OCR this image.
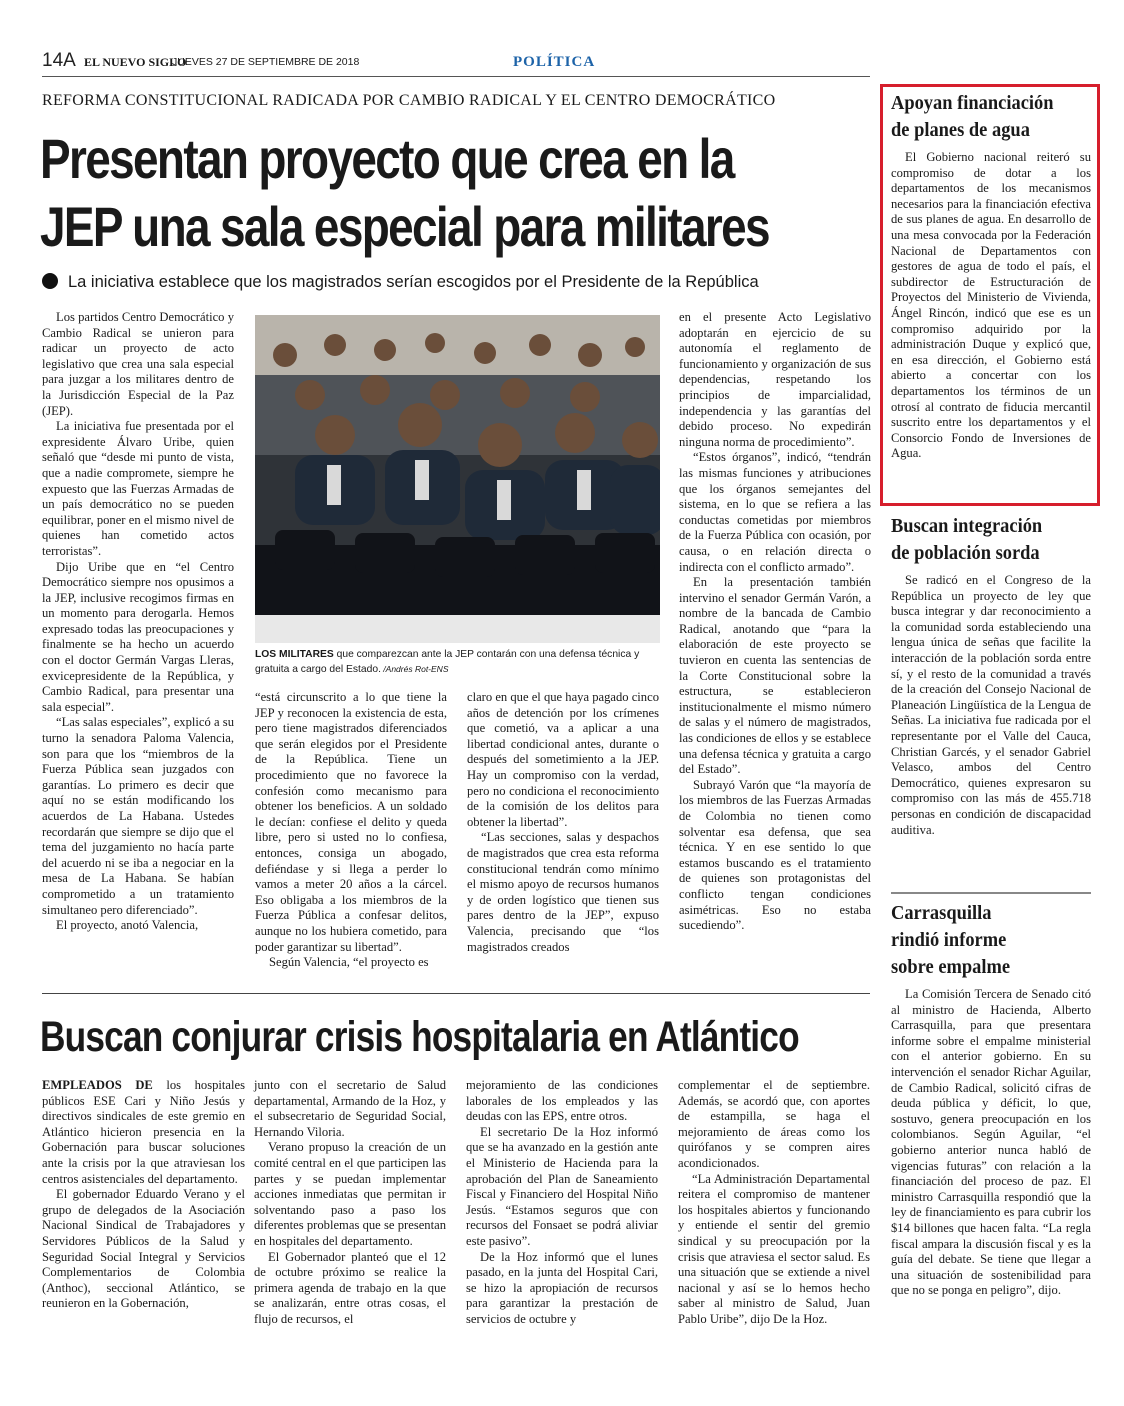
14A EL NUEVO SIGLO
JUEVES 27 DE SEPTIEMBRE DE 2018	POLÍTICA
REFORMA CONSTITUCIONAL RADICADA POR CAMBIO RADICAL Y EL CENTRO DEMOCRÁTICO
Presentan proyecto que crea en la
JEP una sala especial para militares
La iniciativa establece que los magistrados serían escogidos por el Presidente de la República

Los partidos Centro Democrático y Cambio Radical se unieron para radicar un proyecto de acto legislativo que crea una sala especial para juzgar a los militares dentro de la Jurisdicción Especial de la Paz (JEP).

La iniciativa fue presentada por el expresidente Álvaro Uribe, quien señaló que “desde mi punto de vista, que a nadie compromete, siempre he expuesto que las Fuerzas Armadas de un país democrático no se pueden equilibrar, poner en el mismo nivel de quienes han cometido actos terroristas”.

Dijo Uribe que en “el Centro Democrático siempre nos opusimos a la JEP, inclusive recogimos firmas en un momento para derogarla. Hemos expresado todas las preocupaciones y finalmente se ha hecho un acuerdo con el doctor Germán Vargas Lleras, exvicepresidente de la República, y Cambio Radical, para presentar una sala especial”.

“Las salas especiales”, explicó a su turno la senadora Paloma Valencia, son para que los “miembros de la Fuerza Pública sean juzgados con garantías. Lo primero es decir que aquí no se están modificando los acuerdos de La Habana. Ustedes recordarán que siempre se dijo que el tema del juzgamiento no hacía parte del acuerdo ni se iba a negociar en la mesa de La Habana. Se habían comprometido a un tratamiento simultaneo pero diferenciado”.

El proyecto, anotó Valencia,

LOS MILITARES que comparezcan ante la JEP contarán con una defensa técnica y gratuita a cargo del Estado. /Andrés Rot-ENS

“está circunscrito a lo que tiene la JEP y reconocen la existencia de esta, pero tiene magistrados diferenciados que serán elegidos por el Presidente de la República. Tiene un procedimiento que no favorece la confesión como mecanismo para obtener los beneficios. A un soldado le decían: confiese el delito y queda libre, pero si usted no lo confiesa, entonces, consiga un abogado, defiéndase y si llega a perder lo vamos a meter 20 años a la cárcel. Eso obligaba a los miembros de la Fuerza Pública a confesar delitos, aunque no los hubiera cometido, para poder garantizar su libertad”.

Según Valencia, “el proyecto es

claro en que el que haya pagado cinco años de detención por los crímenes que cometió, va a aplicar a una libertad condicional antes, durante o después del sometimiento a la JEP. Hay un compromiso con la verdad, pero no condiciona el reconocimiento de la comisión de los delitos para obtener la libertad”.

“Las secciones, salas y despachos de magistrados que crea esta reforma constitucional tendrán como mínimo el mismo apoyo de recursos humanos y de orden logístico que tienen sus pares dentro de la JEP”, expuso Valencia, precisando que “los magistrados creados

en el presente Acto Legislativo adoptarán en ejercicio de su autonomía el reglamento de funcionamiento y organización de sus dependencias, respetando los principios de imparcialidad, independencia y las garantías del debido proceso. No expedirán ninguna norma de procedimiento”.

“Estos órganos”, indicó, “tendrán las mismas funciones y atribuciones que los órganos semejantes del sistema, en lo que se refiera a las conductas cometidas por miembros de la Fuerza Pública con ocasión, por causa, o en relación directa o indirecta con el conflicto armado”.

En la presentación también intervino el senador Germán Varón, a nombre de la bancada de Cambio Radical, anotando que “para la elaboración de este proyecto se tuvieron en cuenta las sentencias de la Corte Constitucional sobre la estructura, se establecieron institucionalmente el mismo número de salas y el número de magistrados, las condiciones de ellos y se establece una defensa técnica y gratuita a cargo del Estado”.

Subrayó Varón que “la mayoría de los miembros de las Fuerzas Armadas de Colombia no tienen como solventar esa defensa, que sea técnica. Y en ese sentido lo que estamos buscando es el tratamiento de quienes son protagonistas del conflicto tengan condiciones asimétricas. Eso no estaba sucediendo”.

Buscan conjurar crisis hospitalaria en Atlántico

EMPLEADOS DE los hospitales públicos ESE Cari y Niño Jesús y directivos sindicales de este gremio en Atlántico hicieron presencia en la Gobernación para buscar soluciones ante la crisis por la que atraviesan los centros asistenciales del departamento.

El gobernador Eduardo Verano y el grupo de delegados de la Asociación Nacional Sindical de Trabajadores y Servidores Públicos de la Salud y Seguridad Social Integral y Servicios Complementarios de Colombia (Anthoc), seccional Atlántico, se reunieron en la Gobernación,

junto con el secretario de Salud departamental, Armando de la Hoz, y el subsecretario de Seguridad Social, Hernando Viloria.

Verano propuso la creación de un comité central en el que participen las partes y se puedan implementar acciones inmediatas que permitan ir solventando paso a paso los diferentes problemas que se presentan en hospitales del departamento.

El Gobernador planteó que el 12 de octubre próximo se realice la primera agenda de trabajo en la que se analizarán, entre otras cosas, el flujo de recursos, el

mejoramiento de las condiciones laborales de los empleados y las deudas con las EPS, entre otros.

El secretario De la Hoz informó que se ha avanzado en la gestión ante el Ministerio de Hacienda para la aprobación del Plan de Saneamiento Fiscal y Financiero del Hospital Niño Jesús. “Estamos seguros que con recursos del Fonsaet se podrá aliviar este pasivo”.

De la Hoz informó que el lunes pasado, en la junta del Hospital Cari, se hizo la apropiación de recursos para garantizar la prestación de servicios de octubre y

complementar el de septiembre. Además, se acordó que, con aportes de estampilla, se haga el mejoramiento de áreas como los quirófanos y se compren aires acondicionados.

“La Administración Departamental reitera el compromiso de mantener los hospitales abiertos y funcionando y entiende el sentir del gremio sindical y su preocupación por la crisis que atraviesa el sector salud. Es una situación que se extiende a nivel nacional y así se lo hemos hecho saber al ministro de Salud, Juan Pablo Uribe”, dijo De la Hoz.

Apoyan financiación
de planes de agua

El Gobierno nacional reiteró su compromiso de dotar a los departamentos de los mecanismos necesarios para la financiación efectiva de sus planes de agua. En desarrollo de una mesa convocada por la Federación Nacional de Departamentos con gestores de agua de todo el país, el subdirector de Estructuración de Proyectos del Ministerio de Vivienda, Ángel Rincón, indicó que ese es un compromiso adquirido por la administración Duque y explicó que, en esa dirección, el Gobierno está abierto a concertar con los departamentos los términos de un otrosí al contrato de fiducia mercantil suscrito entre los departamentos y el Consorcio Fondo de Inversiones de Agua.

Buscan integración
de población sorda

Se radicó en el Congreso de la República un proyecto de ley que busca integrar y dar reconocimiento a la comunidad sorda estableciendo una lengua única de señas que facilite la interacción de la población sorda entre sí, y el resto de la comunidad a través de la creación del Consejo Nacional de Planeación Lingüística de la Lengua de Señas. La iniciativa fue radicada por el representante por el Valle del Cauca, Christian Garcés, y el senador Gabriel Velasco, ambos del Centro Democrático, quienes expresaron su compromiso con las más de 455.718 personas en condición de discapacidad auditiva.

Carrasquilla
rindió informe
sobre empalme

La Comisión Tercera de Senado citó al ministro de Hacienda, Alberto Carrasquilla, para que presentara informe sobre el empalme ministerial con el anterior gobierno. En su intervención el senador Richar Aguilar, de Cambio Radical, solicitó cifras de deuda pública y déficit, lo que, sostuvo, genera preocupación en los colombianos. Según Aguilar, “el gobierno anterior nunca habló de vigencias futuras” con relación a la financiación del proceso de paz. El ministro Carrasquilla respondió que la ley de financiamiento es para cubrir los $14 billones que hacen falta. “La regla fiscal ampara la discusión fiscal y es la guía del debate. Se tiene que llegar a una situación de sostenibilidad para que no se ponga en peligro”, dijo.
